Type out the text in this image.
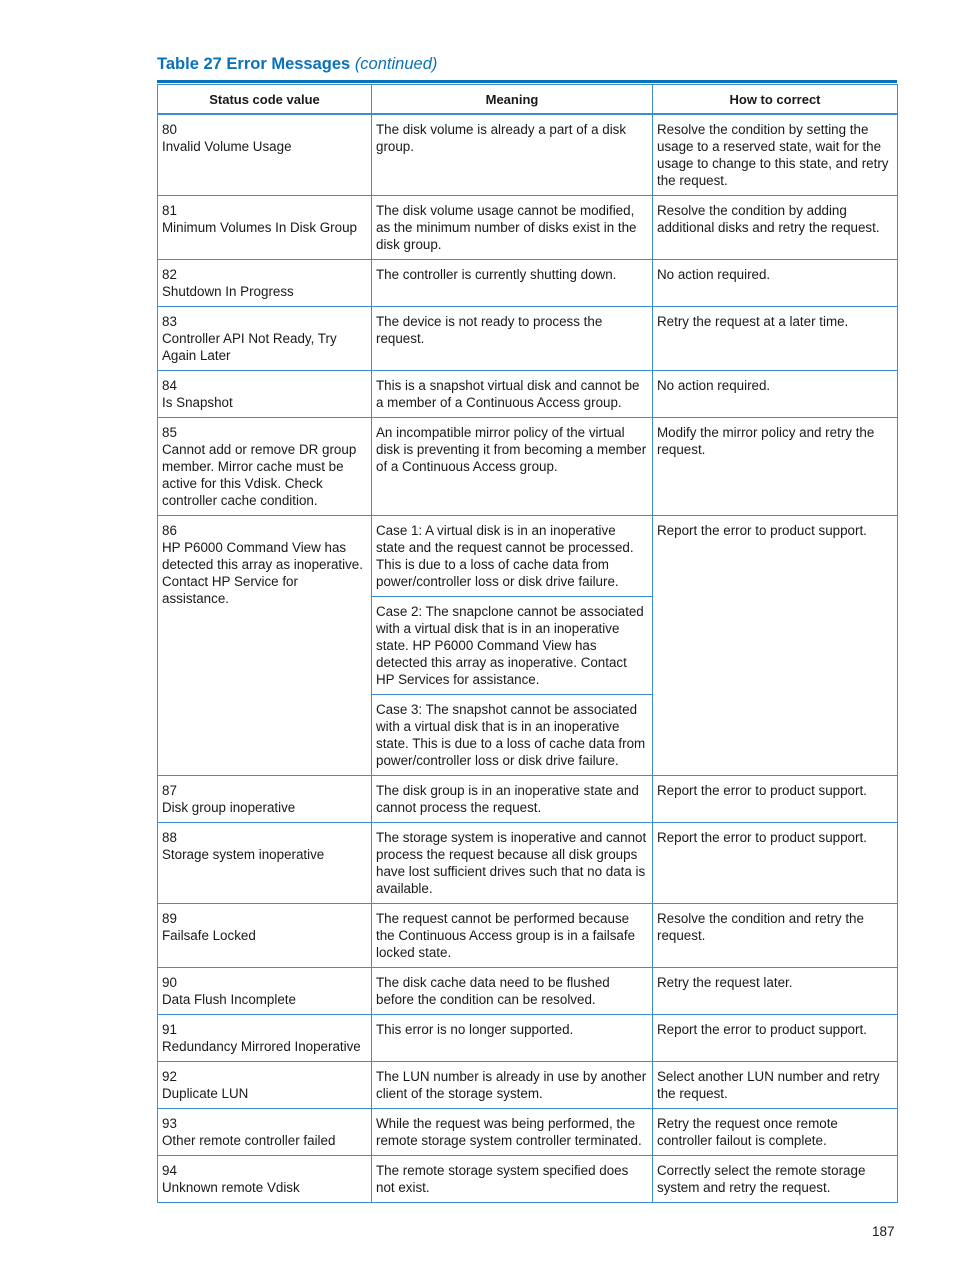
Table 27 Error Messages (continued)
Status code value	Meaning	How to correct

80
Invalid Volume Usage	The disk volume is already a part of a disk group.	Resolve the condition by setting the usage to a reserved state, wait for the usage to change to this state, and retry the request.

81
Minimum Volumes In Disk Group	The disk volume usage cannot be modified, as the minimum number of disks exist in the disk group.	Resolve the condition by adding additional disks and retry the request.

82
Shutdown In Progress	The controller is currently shutting down.	No action required.

83
Controller API Not Ready, Try Again Later	The device is not ready to process the request.	Retry the request at a later time.

84
Is Snapshot	This is a snapshot virtual disk and cannot be a member of a Continuous Access group.	No action required.

85
Cannot add or remove DR group member. Mirror cache must be active for this Vdisk. Check controller cache condition.	An incompatible mirror policy of the virtual disk is preventing it from becoming a member of a Continuous Access group.	Modify the mirror policy and retry the request.

86
HP P6000 Command View has detected this array as inoperative. Contact HP Service for assistance.	Case 1: A virtual disk is in an inoperative state and the request cannot be processed. This is due to a loss of cache data from power/controller loss or disk drive failure.	Report the error to product support.
	Case 2: The snapclone cannot be associated with a virtual disk that is in an inoperative state. HP P6000 Command View has detected this array as inoperative. Contact HP Services for assistance.	
	Case 3: The snapshot cannot be associated with a virtual disk that is in an inoperative state. This is due to a loss of cache data from power/controller loss or disk drive failure.	

87
Disk group inoperative	The disk group is in an inoperative state and cannot process the request.	Report the error to product support.

88
Storage system inoperative	The storage system is inoperative and cannot process the request because all disk groups have lost sufficient drives such that no data is available.	Report the error to product support.

89
Failsafe Locked	The request cannot be performed because the Continuous Access group is in a failsafe locked state.	Resolve the condition and retry the request.

90
Data Flush Incomplete	The disk cache data need to be flushed before the condition can be resolved.	Retry the request later.

91
Redundancy Mirrored Inoperative	This error is no longer supported.	Report the error to product support.

92
Duplicate LUN	The LUN number is already in use by another client of the storage system.	Select another LUN number and retry the request.

93
Other remote controller failed	While the request was being performed, the remote storage system controller terminated.	Retry the request once remote controller failout is complete.

94
Unknown remote Vdisk	The remote storage system specified does not exist.	Correctly select the remote storage system and retry the request.
187
